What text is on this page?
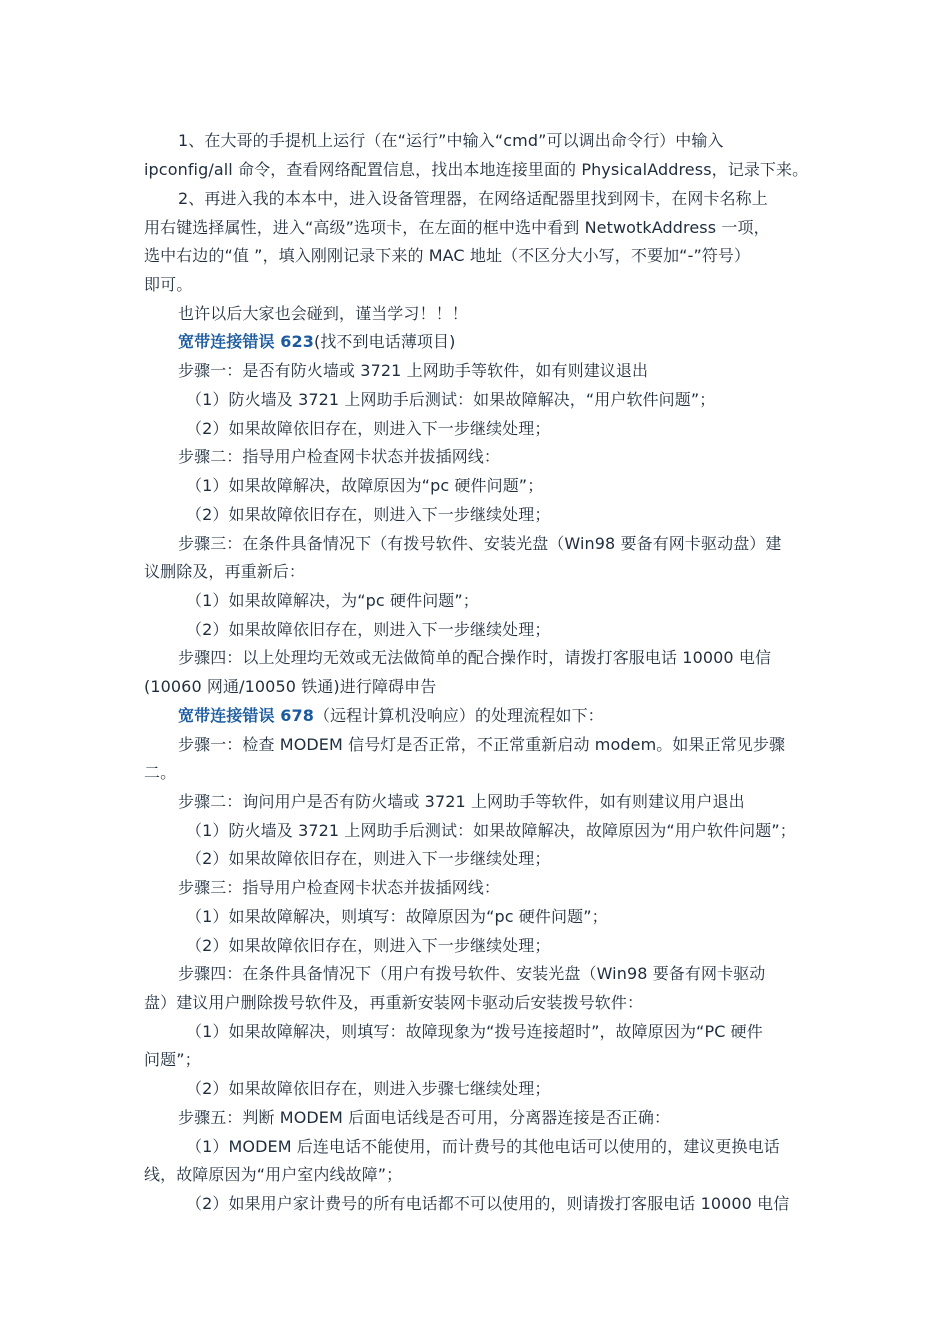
1、在大哥的手提机上运行（在“运行”中输入“cmd”可以调出命令行）中输入
ipconfig/all 命令，查看网络配置信息，找出本地连接里面的 PhysicalAddress，记录下来。
2、再进入我的本本中，进入设备管理器，在网络适配器里找到网卡，在网卡名称上
用右键选择属性，进入“高级”选项卡，在左面的框中选中看到 NetwotkAddress 一项，
选中右边的“值 ”，填入刚刚记录下来的 MAC 地址（不区分大小写，不要加“-”符号）
即可。
也许以后大家也会碰到，谨当学习！！！
宽带连接错误 623(找不到电话薄项目)
步骤一：是否有防火墙或 3721 上网助手等软件，如有则建议退出
（1）防火墙及 3721 上网助手后测试：如果故障解决，“用户软件问题”；
（2）如果故障依旧存在，则进入下一步继续处理；
步骤二：指导用户检查网卡状态并拔插网线：
（1）如果故障解决，故障原因为“pc 硬件问题”；
（2）如果故障依旧存在，则进入下一步继续处理；
步骤三：在条件具备情况下（有拨号软件、安装光盘（Win98 要备有网卡驱动盘）建
议删除及，再重新后：
（1）如果故障解决，为“pc 硬件问题”；
（2）如果故障依旧存在，则进入下一步继续处理；
步骤四：以上处理均无效或无法做简单的配合操作时，请拨打客服电话 10000 电信
(10060 网通/10050 铁通)进行障碍申告
宽带连接错误 678（远程计算机没响应）的处理流程如下：
步骤一：检查 MODEM 信号灯是否正常，不正常重新启动 modem。如果正常见步骤
二。
步骤二：询问用户是否有防火墙或 3721 上网助手等软件，如有则建议用户退出
（1）防火墙及 3721 上网助手后测试：如果故障解决，故障原因为“用户软件问题”；
（2）如果故障依旧存在，则进入下一步继续处理；
步骤三：指导用户检查网卡状态并拔插网线：
（1）如果故障解决，则填写：故障原因为“pc 硬件问题”；
（2）如果故障依旧存在，则进入下一步继续处理；
步骤四：在条件具备情况下（用户有拨号软件、安装光盘（Win98 要备有网卡驱动
盘）建议用户删除拨号软件及，再重新安装网卡驱动后安装拨号软件：
（1）如果故障解决，则填写：故障现象为“拨号连接超时”，故障原因为“PC 硬件
问题”；
（2）如果故障依旧存在，则进入步骤七继续处理；
步骤五：判断 MODEM 后面电话线是否可用，分离器连接是否正确：
（1）MODEM 后连电话不能使用，而计费号的其他电话可以使用的，建议更换电话
线，故障原因为“用户室内线故障”；
（2）如果用户家计费号的所有电话都不可以使用的，则请拨打客服电话 10000 电信
